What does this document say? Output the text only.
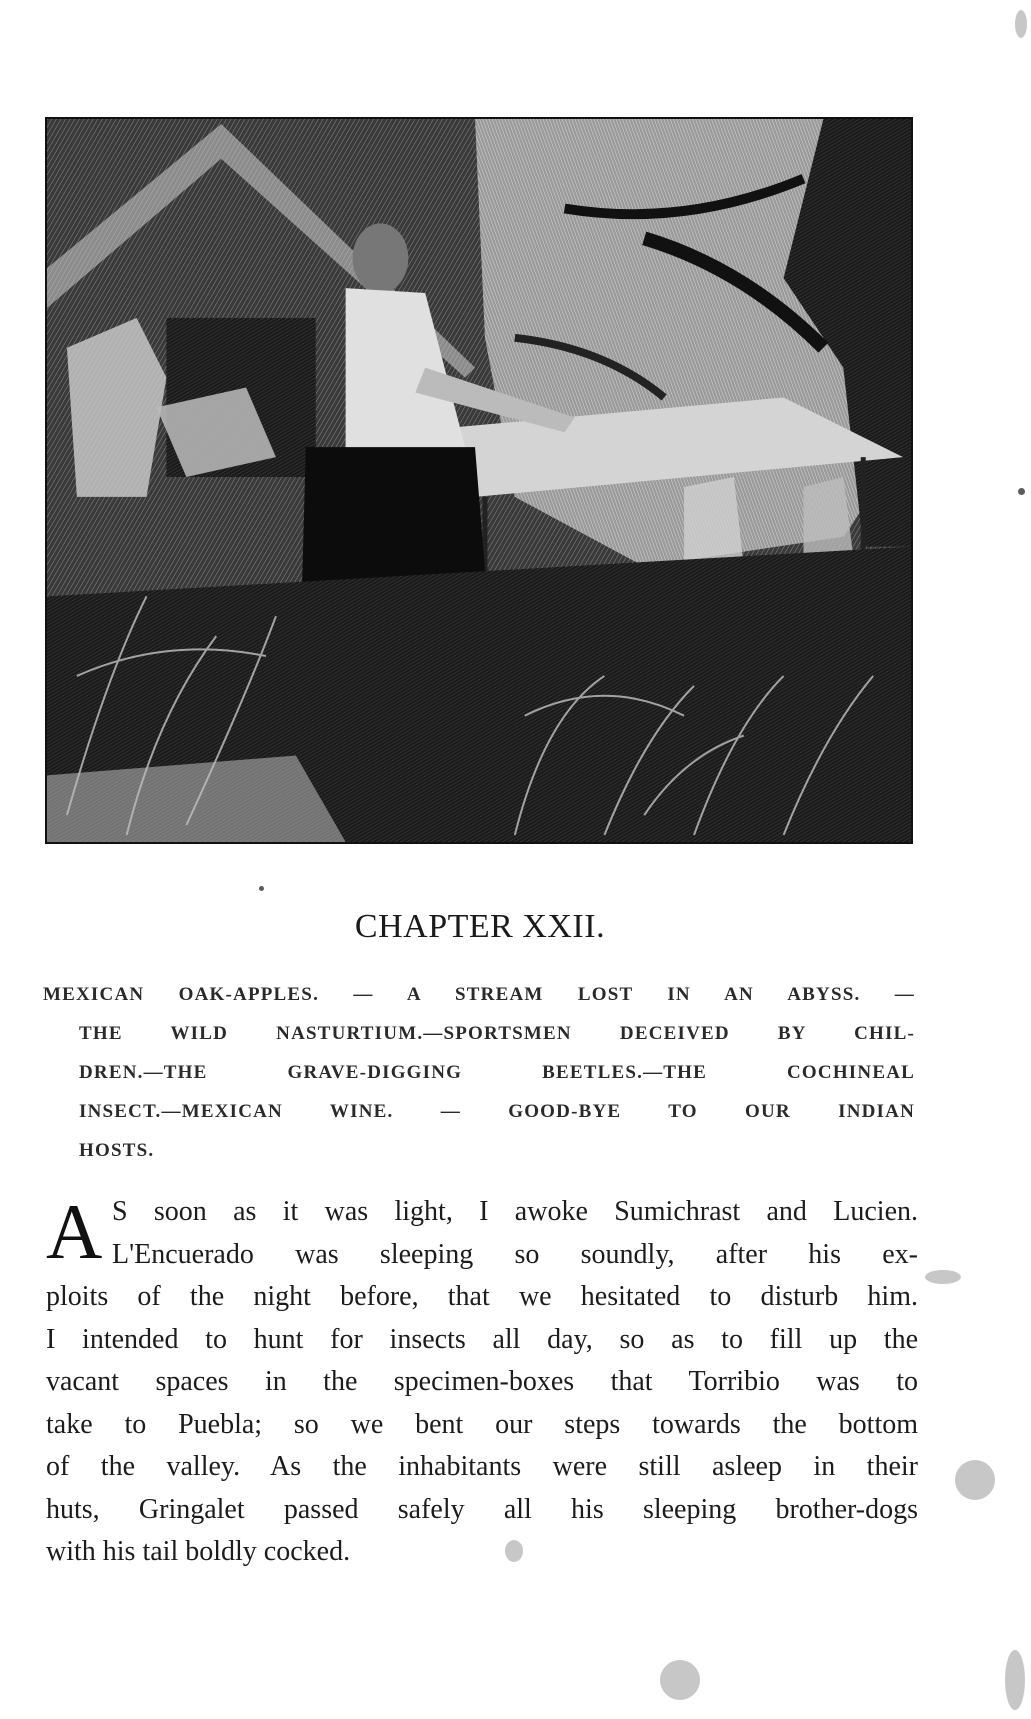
CHAPTER XXII.
MEXICAN OAK-APPLES. — A STREAM LOST IN AN ABYSS. —
THE WILD NASTURTIUM.—SPORTSMEN DECEIVED BY CHIL-
DREN.—THE GRAVE-DIGGING BEETLES.—THE COCHINEAL
INSECT.—MEXICAN WINE. — GOOD-BYE TO OUR INDIAN
HOSTS.
A S soon as it was light, I awoke Sumichrast and Lucien.
L'Encuerado was sleeping so soundly, after his ex-
ploits of the night before, that we hesitated to disturb him.
I intended to hunt for insects all day, so as to fill up the
vacant spaces in the specimen-boxes that Torribio was to
take to Puebla; so we bent our steps towards the bottom
of the valley. As the inhabitants were still asleep in their
huts, Gringalet passed safely all his sleeping brother-dogs
with his tail boldly cocked.
